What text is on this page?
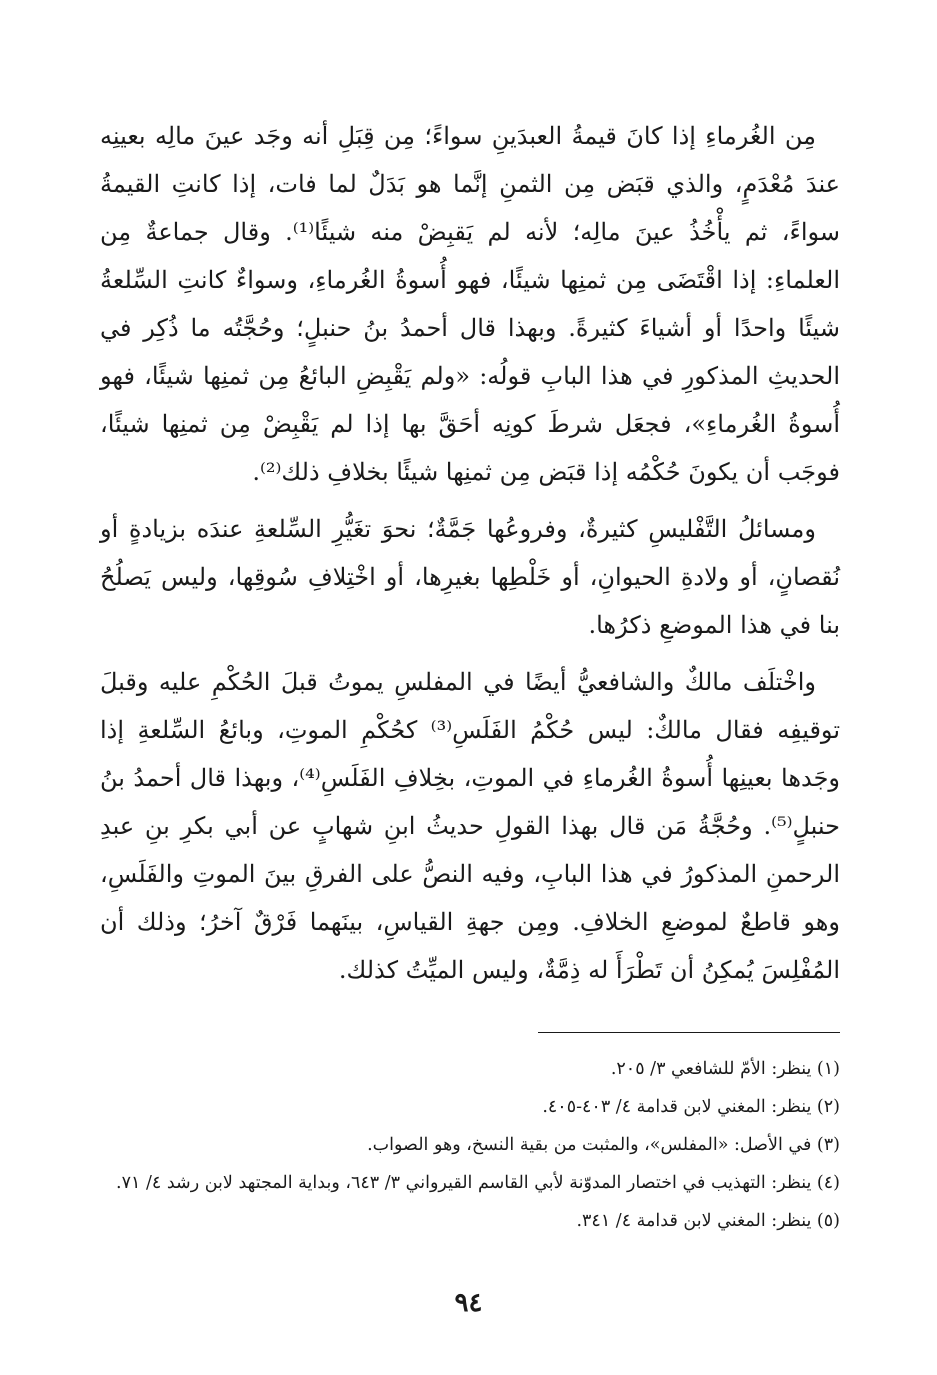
مِن الغُرماءِ إذا كانَ قيمةُ العبدَينِ سواءً؛ مِن قِبَلِ أنه وجَد عينَ مالِه بعينِه عندَ مُعْدَمٍ، والذي قبَض مِن الثمنِ إنَّما هو بَدَلٌ لما فات، إذا كانتِ القيمةُ سواءً، ثم يأْخُذُ عينَ مالِه؛ لأنه لم يَقبِضْ منه شيئًا⁽¹⁾. وقال جماعةٌ مِن العلماءِ: إذا اقْتَضَى مِن ثمنِها شيئًا، فهو أُسوةُ الغُرماءِ، وسواءٌ كانتِ السِّلعةُ شيئًا واحدًا أو أشياءَ كثيرةً. وبهذا قال أحمدُ بنُ حنبلٍ؛ وحُجَّتُه ما ذُكِر في الحديثِ المذكورِ في هذا البابِ قولُه: «ولم يَقْبِضِ البائعُ مِن ثمنِها شيئًا، فهو أُسوةُ الغُرماءِ»، فجعَل شرطَ كونِه أحَقَّ بها إذا لم يَقْبِضْ مِن ثمنِها شيئًا، فوجَب أن يكونَ حُكْمُه إذا قبَض مِن ثمنِها شيئًا بخلافِ ذلك⁽²⁾.

ومسائلُ التَّفْليسِ كثيرةٌ، وفروعُها جَمَّةٌ؛ نحوَ تغَيُّرِ السِّلعةِ عندَه بزيادةٍ أو نُقصانٍ، أو ولادةِ الحيوانِ، أو خَلْطِها بغيرِها، أو اخْتِلافِ سُوقِها، وليس يَصلُحُ بنا في هذا الموضعِ ذكرُها.

واخْتلَف مالكٌ والشافعيُّ أيضًا في المفلسِ يموتُ قبلَ الحُكْمِ عليه وقبلَ توقيفِه فقال مالكٌ: ليس حُكْمُ الفَلَسِ⁽³⁾ كحُكْمِ الموتِ، وبائعُ السِّلعةِ إذا وجَدها بعينِها أُسوةُ الغُرماءِ في الموتِ، بخِلافِ الفَلَسِ⁽⁴⁾، وبهذا قال أحمدُ بنُ حنبلٍ⁽⁵⁾. وحُجَّةُ مَن قال بهذا القولِ حديثُ ابنِ شهابٍ عن أبي بكرِ بنِ عبدِ الرحمنِ المذكورُ في هذا البابِ، وفيه النصُّ على الفرقِ بينَ الموتِ والفَلَسِ، وهو قاطعٌ لموضعِ الخلافِ. ومِن جهةِ القياسِ، بينَهما فَرْقٌ آخرُ؛ وذلك أن المُفْلِسَ يُمكِنُ أن تَطْرَأَ له ذِمَّةٌ، وليس الميِّتُ كذلك.

(١) ينظر: الأمّ للشافعي ٣/ ٢٠٥.

(٢) ينظر: المغني لابن قدامة ٤/ ٤٠٣-٤٠٥.

(٣) في الأصل: «المفلس»، والمثبت من بقية النسخ، وهو الصواب.

(٤) ينظر: التهذيب في اختصار المدوّنة لأبي القاسم القيرواني ٣/ ٦٤٣، وبداية المجتهد لابن رشد ٤/ ٧١.

(٥) ينظر: المغني لابن قدامة ٤/ ٣٤١.

٩٤
